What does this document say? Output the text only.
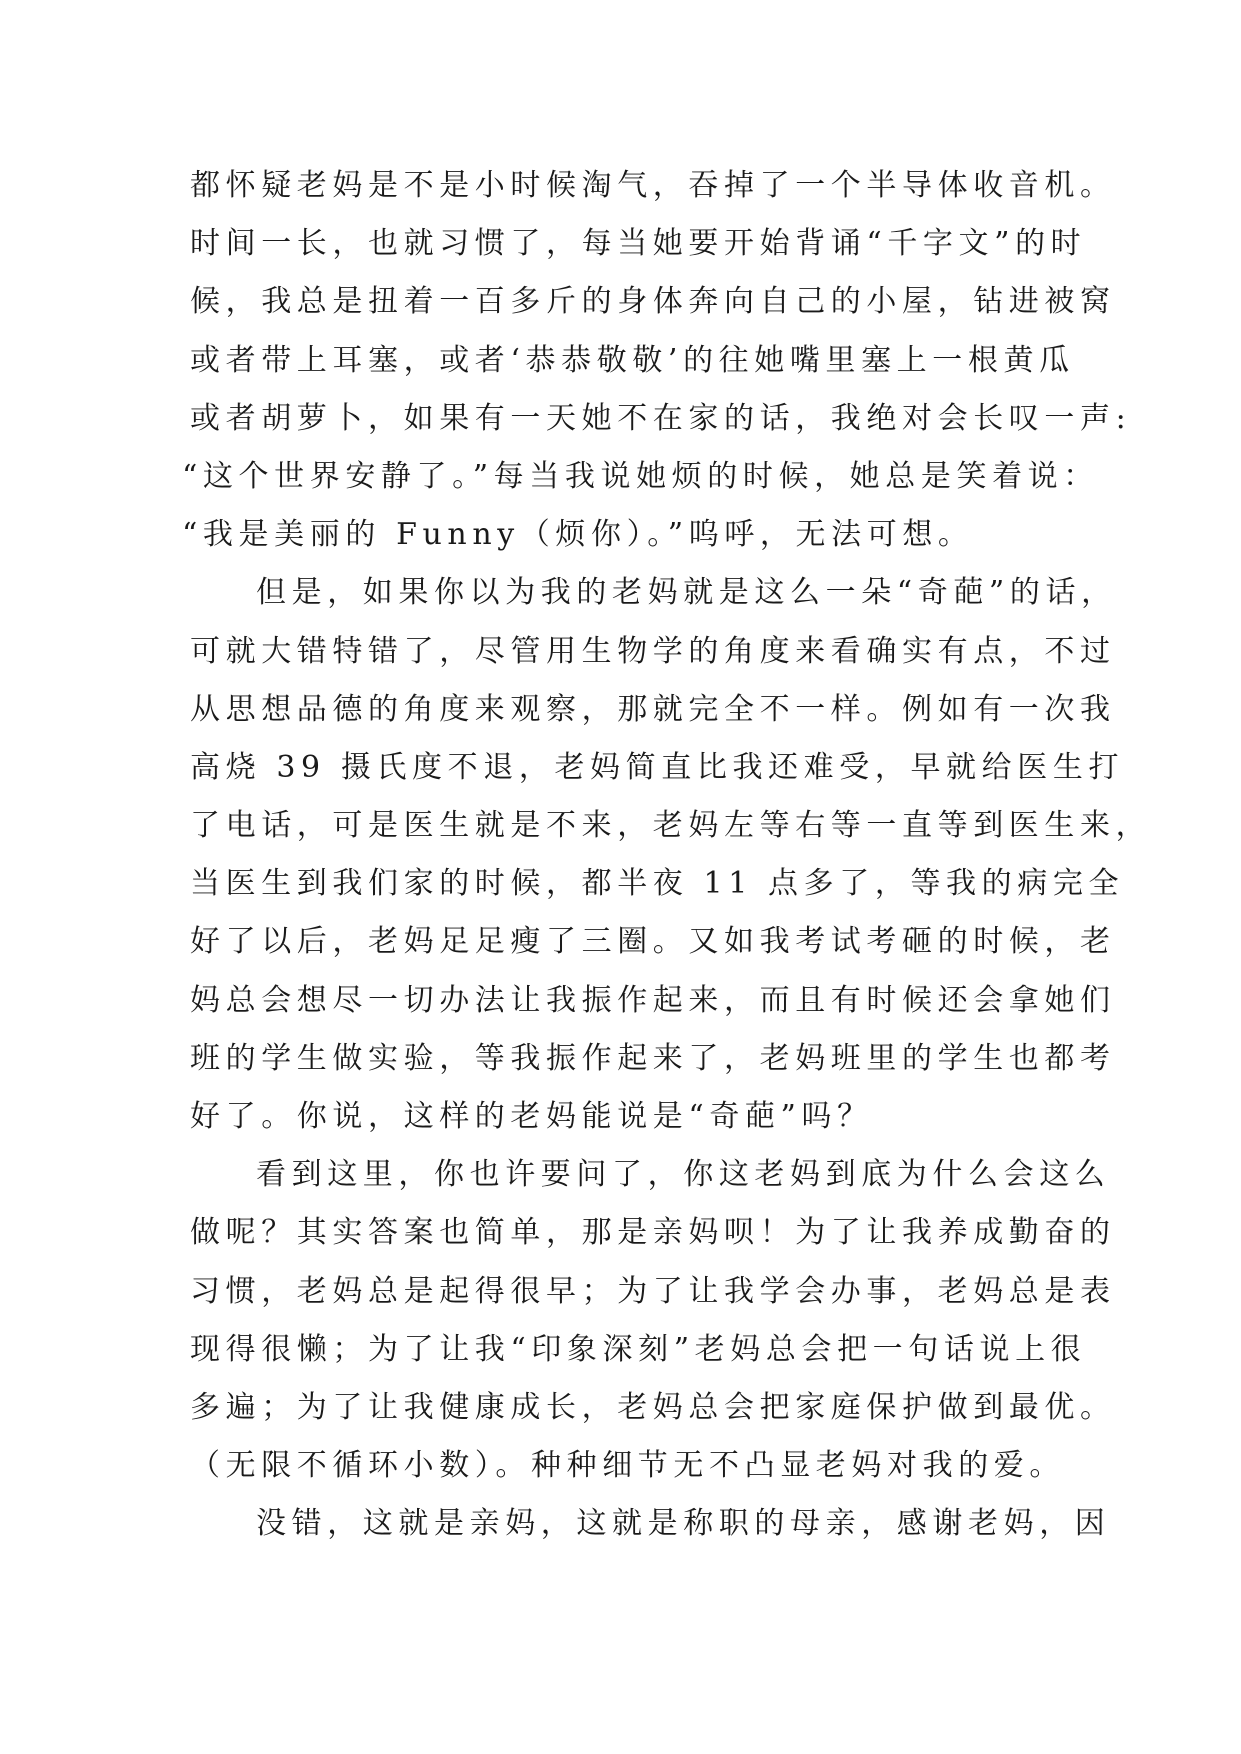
都怀疑老妈是不是小时候淘气，吞掉了一个半导体收音机。
时间一长，也就习惯了，每当她要开始背诵“千字文”的时
候，我总是扭着一百多斤的身体奔向自己的小屋，钻进被窝
或者带上耳塞，或者‘恭恭敬敬’的往她嘴里塞上一根黄瓜
或者胡萝卜，如果有一天她不在家的话，我绝对会长叹一声:
“这个世界安静了。”每当我说她烦的时候，她总是笑着说：
“我是美丽的 Funny（烦你）。”呜呼，无法可想。
但是，如果你以为我的老妈就是这么一朵“奇葩”的话，
可就大错特错了，尽管用生物学的角度来看确实有点，不过
从思想品德的角度来观察，那就完全不一样。例如有一次我
高烧 39 摄氏度不退，老妈简直比我还难受，早就给医生打
了电话，可是医生就是不来，老妈左等右等一直等到医生来，
当医生到我们家的时候，都半夜 11 点多了，等我的病完全
好了以后，老妈足足瘦了三圈。又如我考试考砸的时候，老
妈总会想尽一切办法让我振作起来，而且有时候还会拿她们
班的学生做实验，等我振作起来了，老妈班里的学生也都考
好了。你说，这样的老妈能说是“奇葩”吗？
看到这里，你也许要问了，你这老妈到底为什么会这么
做呢？其实答案也简单，那是亲妈呗！为了让我养成勤奋的
习惯，老妈总是起得很早；为了让我学会办事，老妈总是表
现得很懒；为了让我“印象深刻”老妈总会把一句话说上很
多遍；为了让我健康成长，老妈总会把家庭保护做到最优。
（无限不循环小数）。种种细节无不凸显老妈对我的爱。
没错，这就是亲妈，这就是称职的母亲，感谢老妈，因
